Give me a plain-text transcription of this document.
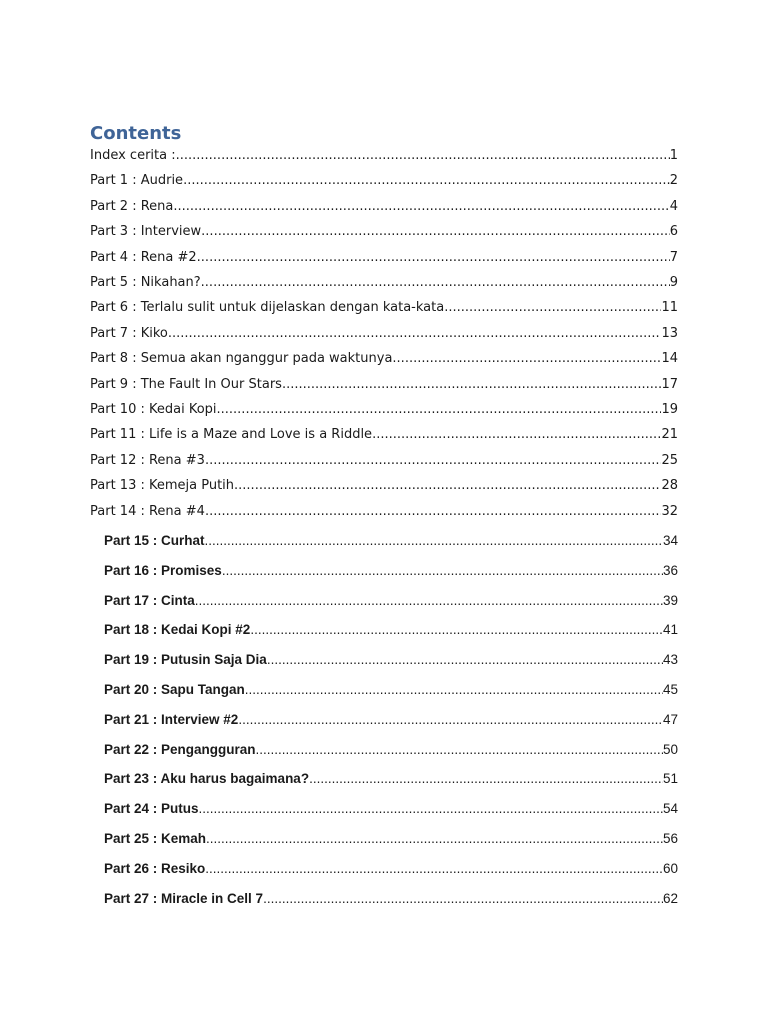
Contents
Index cerita : .....	1
Part 1 : Audrie .....	2
Part 2 : Rena .....	4
Part 3 : Interview .....	6
Part 4 : Rena #2 .....	7
Part 5 : Nikahan? .....	9
Part 6 : Terlalu sulit untuk dijelaskan dengan kata-kata .....	11
Part 7 : Kiko .....	13
Part 8 : Semua akan nganggur pada waktunya .....	14
Part 9 : The Fault In Our Stars .....	17
Part 10 : Kedai Kopi .....	19
Part 11 : Life is a Maze and Love is a Riddle .....	21
Part 12 : Rena #3 .....	25
Part 13 : Kemeja Putih .....	28
Part 14 : Rena #4 .....	32
Part 15 : Curhat .....	34
Part 16 : Promises .....	36
Part 17 : Cinta .....	39
Part 18 : Kedai Kopi #2 .....	41
Part 19 : Putusin Saja Dia .....	43
Part 20 : Sapu Tangan .....	45
Part 21 : Interview #2 .....	47
Part 22 : Pengangguran .....	50
Part 23 : Aku harus bagaimana? .....	51
Part 24 : Putus .....	54
Part 25 : Kemah .....	56
Part 26 : Resiko .....	60
Part 27 : Miracle in Cell 7 .....	62
